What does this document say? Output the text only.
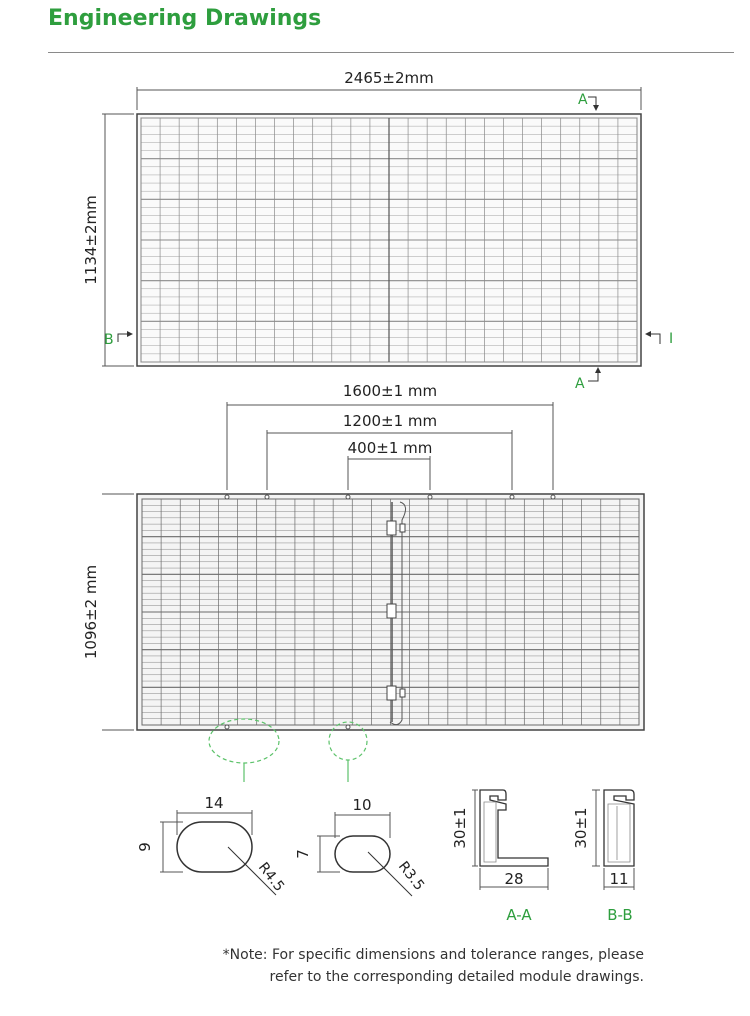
Engineering Drawings
2465±2mm
1134±2mm
A
A
B	I
1600±1 mm
1200±1 mm
400±1 mm
1096±2 mm
14
9
R4.5
10
7
R3.5
30±1
28
A-A
30±1
11
B-B
*Note: For specific dimensions and tolerance ranges, please
refer to the corresponding detailed module drawings.
